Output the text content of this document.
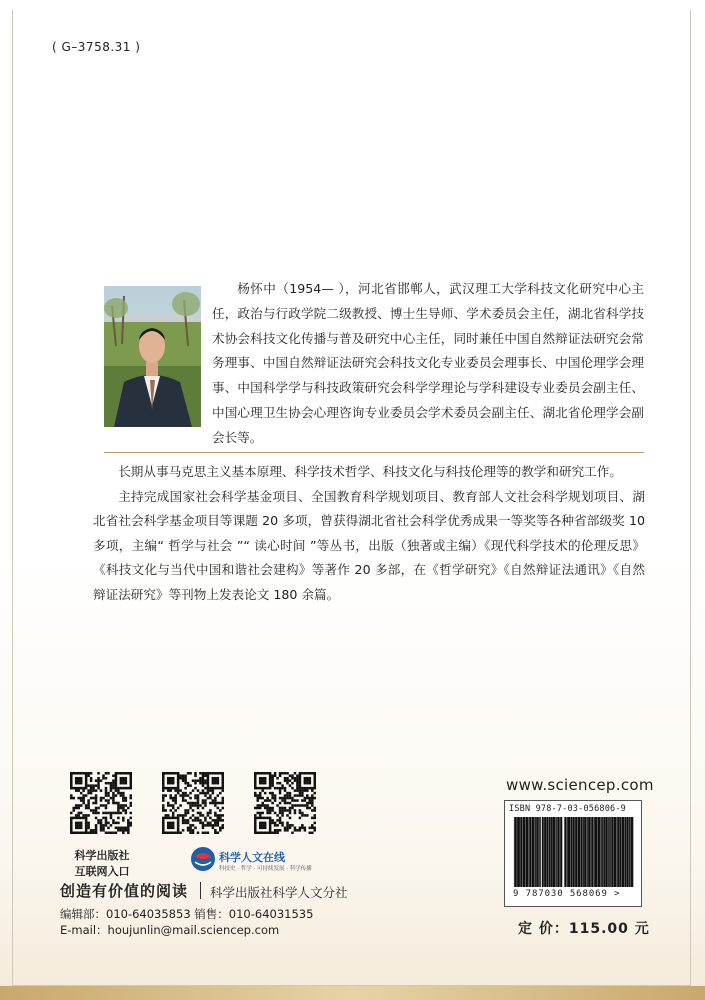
( G–3758.31 )
杨怀中（1954— ），河北省邯郸人，武汉理工大学科技文化研究中心主任，政治与行政学院二级教授、博士生导师、学术委员会主任，湖北省科学技术协会科技文化传播与普及研究中心主任，同时兼任中国自然辩证法研究会常务理事、中国自然辩证法研究会科技文化专业委员会理事长、中国伦理学会理事、中国科学学与科技政策研究会科学学理论与学科建设专业委员会副主任、中国心理卫生协会心理咨询专业委员会学术委员会副主任、湖北省伦理学会副会长等。

长期从事马克思主义基本原理、科学技术哲学、科技文化与科技伦理等的教学和研究工作。

主持完成国家社会科学基金项目、全国教育科学规划项目、教育部人文社会科学规划项目、湖北省社会科学基金项目等课题 20 多项，曾获得湖北省社会科学优秀成果一等奖等各种省部级奖 10 多项，主编“ 哲学与社会 ”“ 读心时间 ”等丛书，出版（独著或主编）《现代科学技术的伦理反思》《科技文化与当代中国和谐社会建构》等著作 20 多部，在《哲学研究》《自然辩证法通讯》《自然辩证法研究》等刊物上发表论文 180 余篇。

科学出版社
互联网入口
科学人文在线
科技史 · 哲学 · 可持续发展 · 科学传播
创造有价值的阅读 科学出版社科学人文分社
编辑部：010-64035853 销售：010-64031535
E-mail：houjunlin@mail.sciencep.com
www.sciencep.com
ISBN 978-7-03-056806-9
9 787030 568069 >
定 价：115.00 元
